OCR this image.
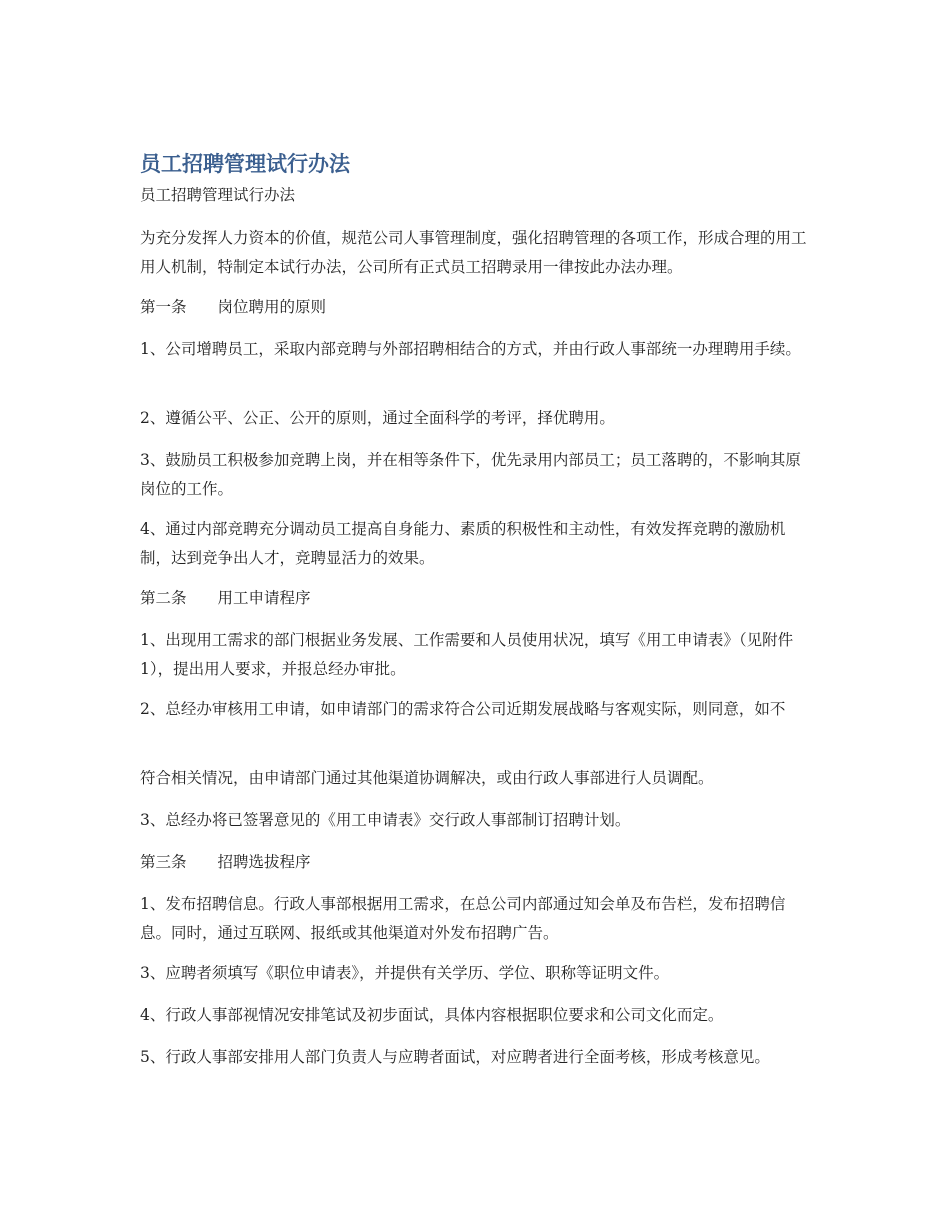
员工招聘管理试行办法

员工招聘管理试行办法

为充分发挥人力资本的价值，规范公司人事管理制度，强化招聘管理的各项工作，形成合理的用工用人机制，特制定本试行办法，公司所有正式员工招聘录用一律按此办法办理。

第一条　　岗位聘用的原则

1、公司增聘员工，采取内部竞聘与外部招聘相结合的方式，并由行政人事部统一办理聘用手续。

2、遵循公平、公正、公开的原则，通过全面科学的考评，择优聘用。

3、鼓励员工积极参加竞聘上岗，并在相等条件下，优先录用内部员工；员工落聘的，不影响其原岗位的工作。

4、通过内部竞聘充分调动员工提高自身能力、素质的积极性和主动性，有效发挥竞聘的激励机制，达到竞争出人才，竞聘显活力的效果。

第二条　　用工申请程序

1、出现用工需求的部门根据业务发展、工作需要和人员使用状况，填写《用工申请表》（见附件1），提出用人要求，并报总经办审批。

2、总经办审核用工申请，如申请部门的需求符合公司近期发展战略与客观实际，则同意，如不

符合相关情况，由申请部门通过其他渠道协调解决，或由行政人事部进行人员调配。

3、总经办将已签署意见的《用工申请表》交行政人事部制订招聘计划。

第三条　　招聘选拔程序

1、发布招聘信息。行政人事部根据用工需求，在总公司内部通过知会单及布告栏，发布招聘信息。同时，通过互联网、报纸或其他渠道对外发布招聘广告。

3、应聘者须填写《职位申请表》，并提供有关学历、学位、职称等证明文件。

4、行政人事部视情况安排笔试及初步面试，具体内容根据职位要求和公司文化而定。

5、行政人事部安排用人部门负责人与应聘者面试，对应聘者进行全面考核，形成考核意见。
